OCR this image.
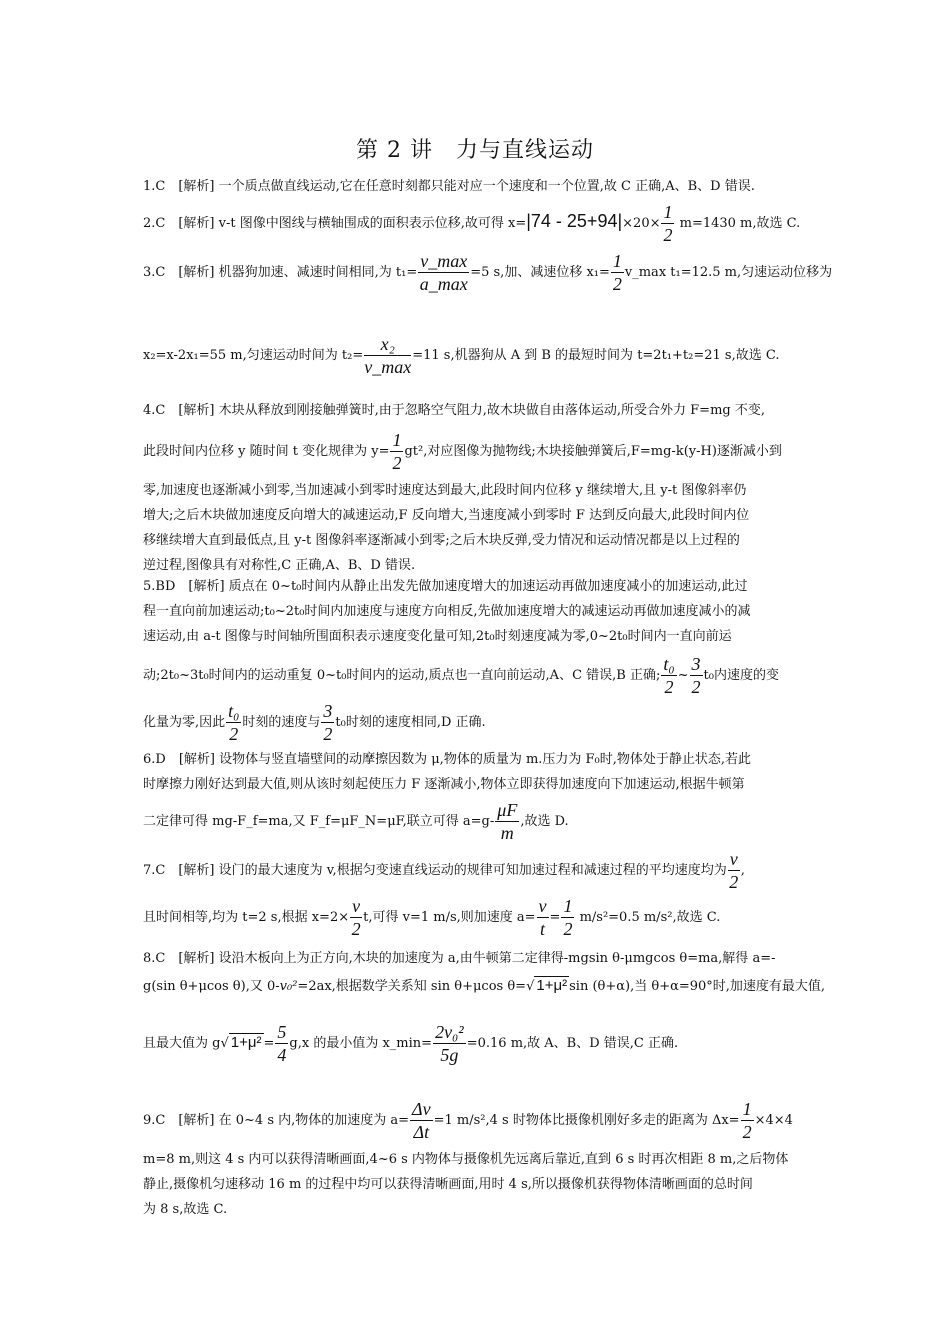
第 2 讲　力与直线运动
1.C　[解析] 一个质点做直线运动,它在任意时刻都只能对应一个速度和一个位置,故 C 正确,A、B、D 错误.
2.C　[解析] v-t 图像中图线与横轴围成的面积表示位移,故可得 $x=|74 - 25+94|\times 20\times \frac{1}{2} m=1430$ m,故选 C.
3.C　[解析] 机器狗加速、减速时间相同,为 $t_1= \frac{v\_\max}{a\_\max} =5$ s,加、减速位移 $x_1= \frac{1}{2}$ v_max t₁=12.5 m,匀速运动位移为
x₂=x-2x₁=55 m,匀速运动时间为 $t_2= \frac{\text{x₂}}{v\_\max} =11$ s,机器狗从 A 到 B 的最短时间为 t=2t₁+t₂=21 s,故选 C.
4.C　[解析] 木块从释放到刚接触弹簧时,由于忽略空气阻力,故木块做自由落体运动,所受合外力 F=mg 不变,
此段时间内位移 y 随时间 t 变化规律为 $y= \frac{1}{2} gt^2$,对应图像为抛物线;木块接触弹簧后,F=mg-k(y-H)逐渐减小到
零,加速度也逐渐减小到零,当加速减小到零时速度达到最大,此段时间内位移 y 继续增大,且 y-t 图像斜率仍
增大;之后木块做加速度反向增大的减速运动,F 反向增大,当速度减小到零时 F 达到反向最大,此段时间内位
移继续增大直到最低点,且 y-t 图像斜率逐渐减小到零;之后木块反弹,受力情况和运动情况都是以上过程的
逆过程,图像具有对称性,C 正确,A、B、D 错误.
5.BD　[解析] 质点在 0~t₀时间内从静止出发先做加速度增大的加速运动再做加速度减小的加速运动,此过
程一直向前加速运动;t₀~2t₀时间内加速度与速度方向相反,先做加速度增大的减速运动再做加速度减小的减
速运动,由 a-t 图像与时间轴所围面积表示速度变化量可知,2t₀时刻速度减为零,0~2t₀时间内一直向前运
动;2t₀~3t₀时间内的运动重复 0~t₀时间内的运动,质点也一直向前运动,A、C 错误,B 正确; $\frac{\text{t₀}}{2}$ ~ $\frac{3}{2} t_0$内速度的变
化量为零,因此 $\frac{\text{t₀}}{2}$ 时刻的速度与 $\frac{3}{2} t_0$时刻的速度相同,D 正确.
6.D　[解析] 设物体与竖直墙壁间的动摩擦因数为 μ,物体的质量为 m.压力为 F₀时,物体处于静止状态,若此
时摩擦力刚好达到最大值,则从该时刻起使压力 F 逐渐减小,物体立即获得加速度向下加速运动,根据牛顿第
二定律可得 mg-F_f=ma,又 F_f=μF_N=μF,联立可得 $a=g- \frac{\mu F}{m}$ ,故选 D.
7.C　[解析] 设门的最大速度为 v,根据匀变速直线运动的规律可知加速过程和减速过程的平均速度均为 $\frac{v}{2}$ ,
且时间相等,均为 t=2 s,根据 $x=2\times \frac{v}{2} t$,可得 v=1 m/s,则加速度 $a= \frac{v}{t} = \frac{1}{2} m/s^2=0.5$ m/s²,故选 C.
8.C　[解析] 设沿木板向上为正方向,木块的加速度为 a,由牛顿第二定律得-mgsin θ-μmgcos θ=ma,解得 a=-
g(sin θ+μcos θ),又 0-v₀²=2ax,根据数学关系知 sin θ+μcos θ=√ 1+μ² sin (θ+α),当 θ+α=90°时,加速度有最大值,
且最大值为 g√ $1+\mu^2 = \frac{5}{4} g,x$ 的最小值为 x_min= $\frac{\text{2v₀²}}{5g} =0.16$ m,故 A、B、D 错误,C 正确.
9.C　[解析] 在 0~4 s 内,物体的加速度为 $a= \frac{\Delta v}{\Delta t} =1$ m/s²,4 s 时物体比摄像机刚好多走的距离为 $\Delta x= \frac{1}{2} \times 4\times 4$
m=8 m,则这 4 s 内可以获得清晰画面,4~6 s 内物体与摄像机先远离后靠近,直到 6 s 时再次相距 8 m,之后物体
静止,摄像机匀速移动 16 m 的过程中均可以获得清晰画面,用时 4 s,所以摄像机获得物体清晰画面的总时间
为 8 s,故选 C.
